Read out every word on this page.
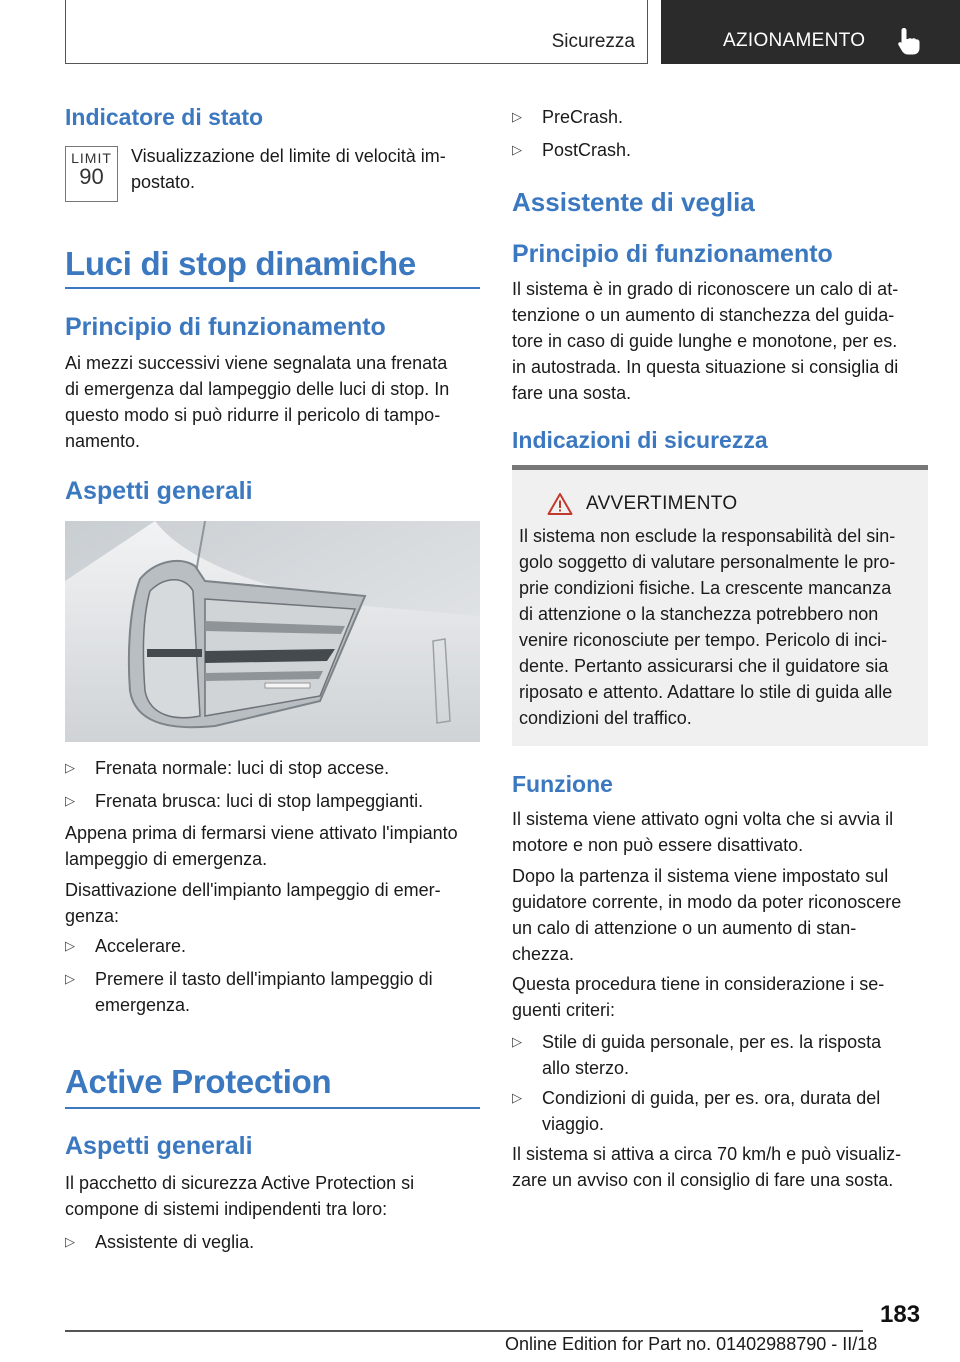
Sicurezza	AZIONAMENTO
Indicatore di stato
LIMIT
90
Visualizzazione del limite di velocità im-
postato.
Luci di stop dinamiche
Principio di funzionamento
Ai mezzi successivi viene segnalata una frenata
di emergenza dal lampeggio delle luci di stop. In
questo modo si può ridurre il pericolo di tampo-
namento.
Aspetti generali
▷ Frenata normale: luci di stop accese.
▷ Frenata brusca: luci di stop lampeggianti.
Appena prima di fermarsi viene attivato l'impianto
lampeggio di emergenza.
Disattivazione dell'impianto lampeggio di emer-
genza:
▷ Accelerare.
▷ Premere il tasto dell'impianto lampeggio di
emergenza.
Active Protection
Aspetti generali
Il pacchetto di sicurezza Active Protection si
compone di sistemi indipendenti tra loro:
▷ Assistente di veglia.
▷ PreCrash.
▷ PostCrash.
Assistente di veglia
Principio di funzionamento
Il sistema è in grado di riconoscere un calo di at-
tenzione o un aumento di stanchezza del guida-
tore in caso di guide lunghe e monotone, per es.
in autostrada. In questa situazione si consiglia di
fare una sosta.
Indicazioni di sicurezza
AVVERTIMENTO
Il sistema non esclude la responsabilità del sin-
golo soggetto di valutare personalmente le pro-
prie condizioni fisiche. La crescente mancanza
di attenzione o la stanchezza potrebbero non
venire riconosciute per tempo. Pericolo di inci-
dente. Pertanto assicurarsi che il guidatore sia
riposato e attento. Adattare lo stile di guida alle
condizioni del traffico.
Funzione
Il sistema viene attivato ogni volta che si avvia il
motore e non può essere disattivato.
Dopo la partenza il sistema viene impostato sul
guidatore corrente, in modo da poter riconoscere
un calo di attenzione o un aumento di stan-
chezza.
Questa procedura tiene in considerazione i se-
guenti criteri:
▷ Stile di guida personale, per es. la risposta
allo sterzo.
▷ Condizioni di guida, per es. ora, durata del
viaggio.
Il sistema si attiva a circa 70 km/h e può visualiz-
zare un avviso con il consiglio di fare una sosta.
183
Online Edition for Part no. 01402988790 - II/18
